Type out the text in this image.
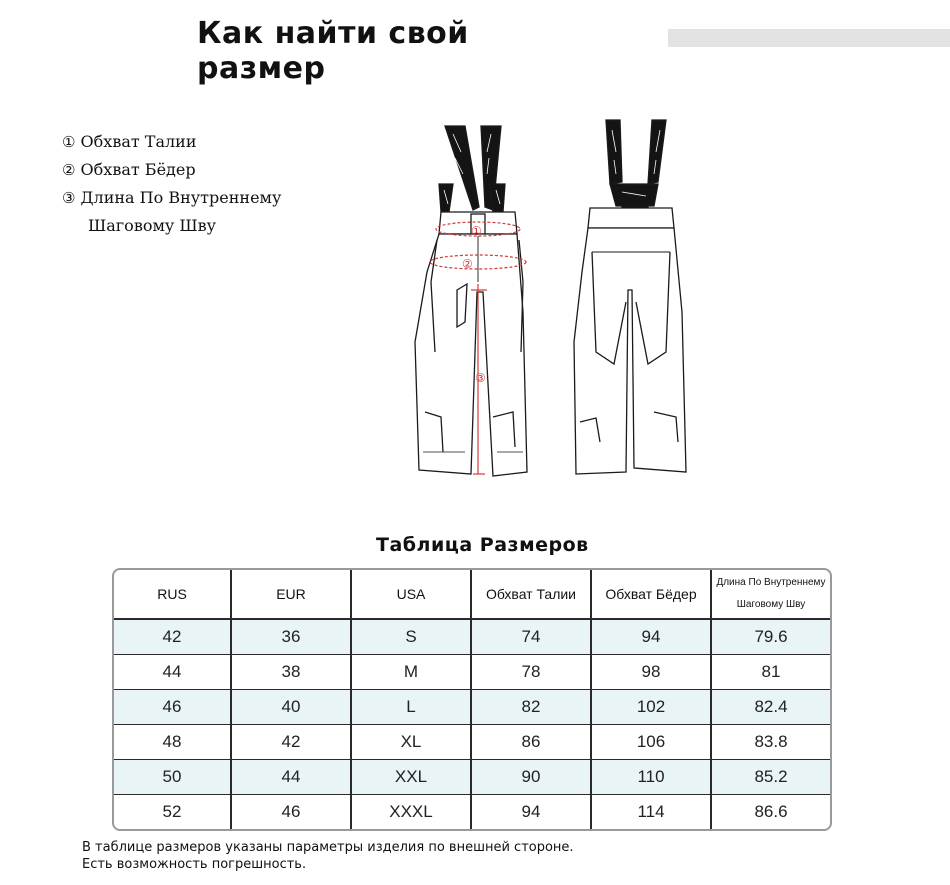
Как найти свой размер
① Обхват Талии
② Обхват Бёдер
③ Длина По Внутреннему
Шаговому Шву	①
②
③
Таблица Размеров
RUS	EUR	USA	Обхват Талии	Обхват Бёдер	Длина По Внутреннему Шаговому Шву
42	36	S	74	94	79.6
44	38	M	78	98	81
46	40	L	82	102	82.4
48	42	XL	86	106	83.8
50	44	XXL	90	110	85.2
52	46	XXXL	94	114	86.6
В таблице размеров указаны параметры изделия по внешней стороне.
Есть возможность погрешность.
